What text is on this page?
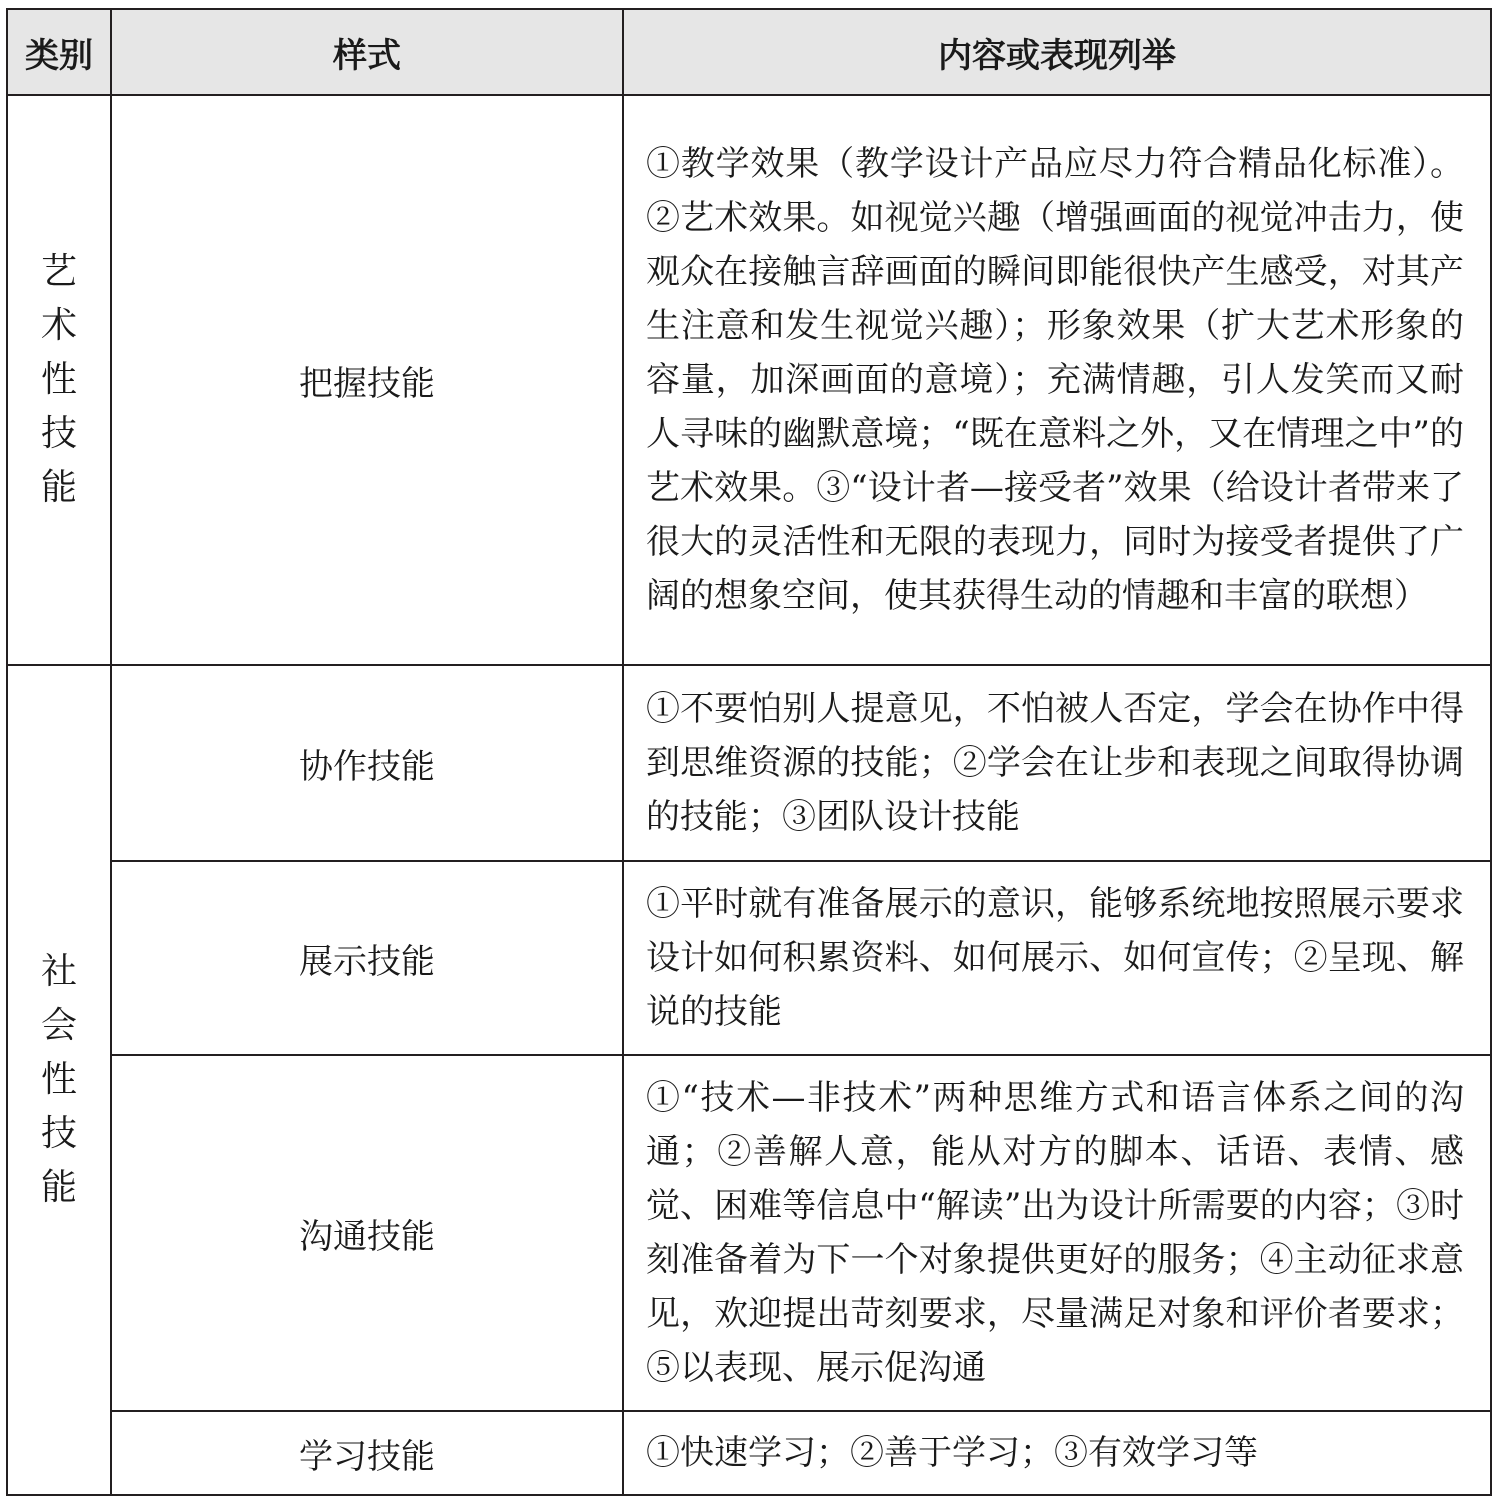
类别	样式	内容或表现列举

艺术性技能	把握技能	①教学效果（教学设计产品应尽力符合精品化标准）。②艺术效果。如视觉兴趣（增强画面的视觉冲击力，使观众在接触言辞画面的瞬间即能很快产生感受，对其产生注意和发生视觉兴趣）；形象效果（扩大艺术形象的容量，加深画面的意境）；充满情趣，引人发笑而又耐人寻味的幽默意境；“既在意料之外，又在情理之中”的艺术效果。③“设计者—接受者”效果（给设计者带来了很大的灵活性和无限的表现力，同时为接受者提供了广阔的想象空间，使其获得生动的情趣和丰富的联想）

社会性技能	协作技能	①不要怕别人提意见，不怕被人否定，学会在协作中得到思维资源的技能；②学会在让步和表现之间取得协调的技能；③团队设计技能
	展示技能	①平时就有准备展示的意识，能够系统地按照展示要求设计如何积累资料、如何展示、如何宣传；②呈现、解说的技能
	沟通技能	①“技术—非技术”两种思维方式和语言体系之间的沟通；②善解人意，能从对方的脚本、话语、表情、感觉、困难等信息中“解读”出为设计所需要的内容；③时刻准备着为下一个对象提供更好的服务；④主动征求意见，欢迎提出苛刻要求，尽量满足对象和评价者要求；⑤以表现、展示促沟通
	学习技能	①快速学习；②善于学习；③有效学习等
